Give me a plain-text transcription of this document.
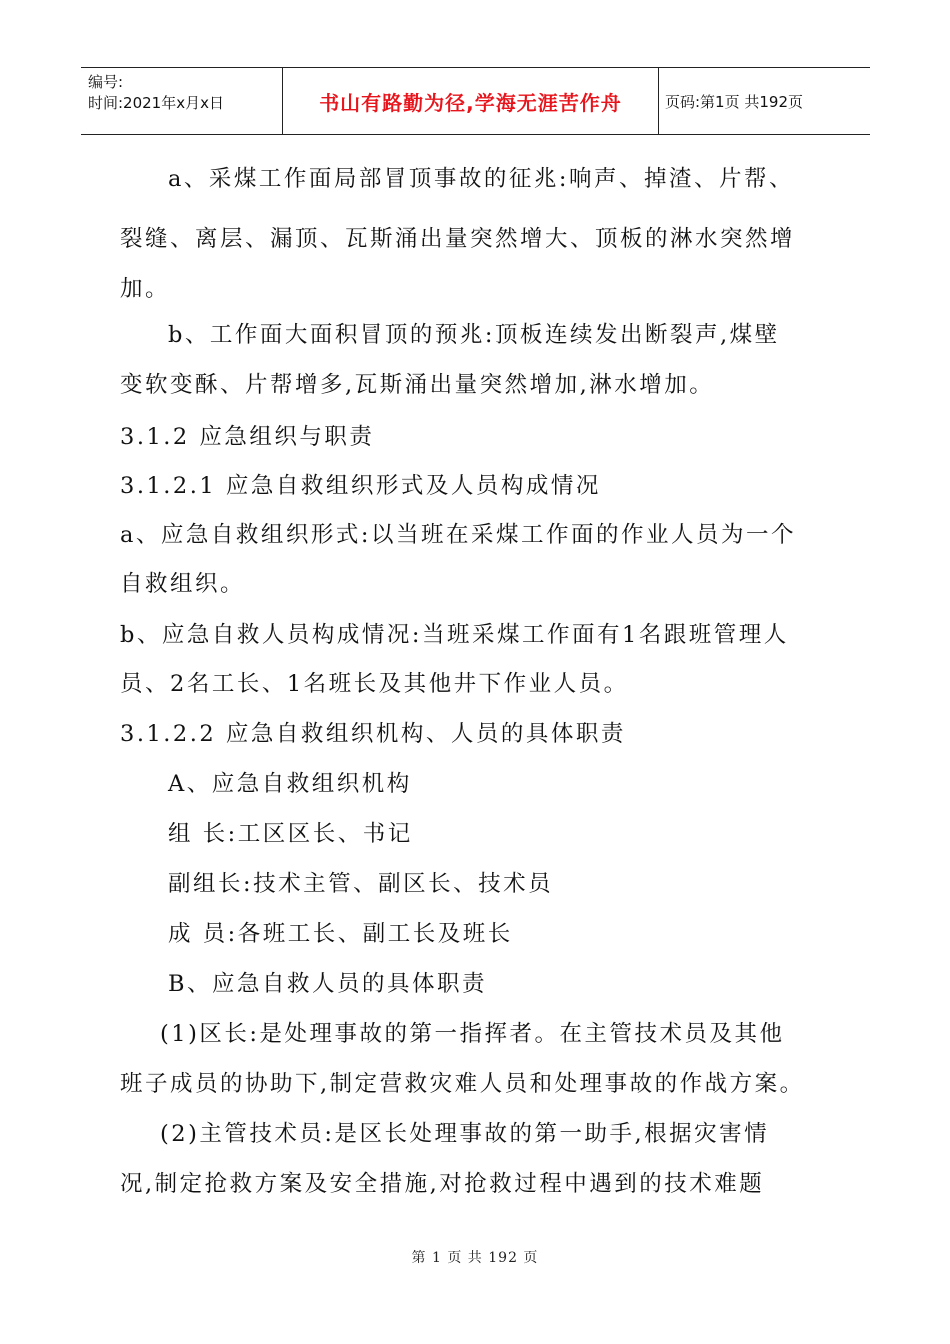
编号:
时间:2021年x月x日	书山有路勤为径,学海无涯苦作舟	页码:第1页 共192页
a、采煤工作面局部冒顶事故的征兆:响声、掉渣、片帮、
裂缝、离层、漏顶、瓦斯涌出量突然增大、顶板的淋水突然增
加。
b、工作面大面积冒顶的预兆:顶板连续发出断裂声,煤壁
变软变酥、片帮增多,瓦斯涌出量突然增加,淋水增加。
3.1.2 应急组织与职责
3.1.2.1 应急自救组织形式及人员构成情况
a、应急自救组织形式:以当班在采煤工作面的作业人员为一个
自救组织。
b、应急自救人员构成情况:当班采煤工作面有1名跟班管理人
员、2名工长、1名班长及其他井下作业人员。
3.1.2.2 应急自救组织机构、人员的具体职责
A、应急自救组织机构
组 长:工区区长、书记
副组长:技术主管、副区长、技术员
成 员:各班工长、副工长及班长
B、应急自救人员的具体职责
(1)区长:是处理事故的第一指挥者。在主管技术员及其他
班子成员的协助下,制定营救灾难人员和处理事故的作战方案。
(2)主管技术员:是区长处理事故的第一助手,根据灾害情
况,制定抢救方案及安全措施,对抢救过程中遇到的技术难题
第 1 页 共 192 页
